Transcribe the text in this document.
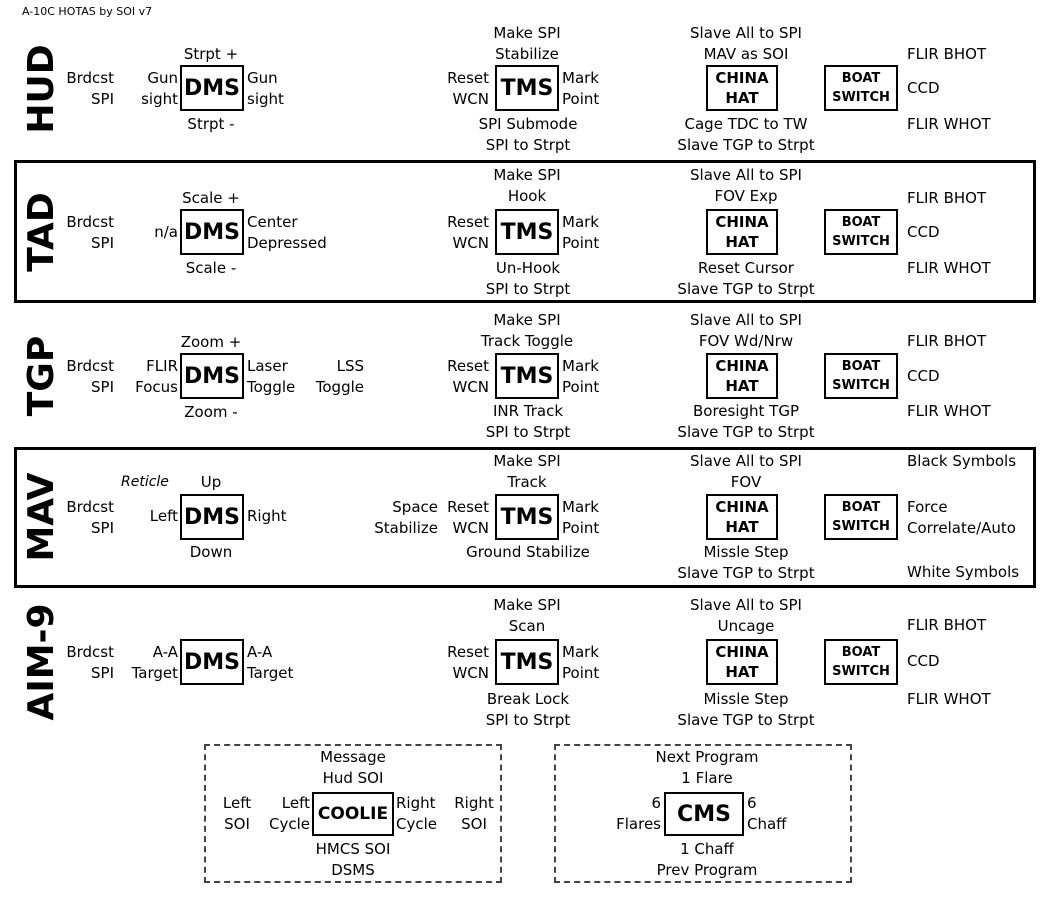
A-10C HOTAS by SOI v7
HUD Brdcst
SPI
Strpt +
Gun
sight DMS Gun
sight
Strpt -
Make SPI
Stabilize
Reset
WCN TMS Mark
Point
SPI Submode
SPI to Strpt
Slave All to SPI
MAV as SOI
CHINA
HAT
Cage TDC to TW
Slave TGP to Strpt
BOAT
SWITCH
FLIR BHOT
CCD
FLIR WHOT
TAD Brdcst
SPI
Scale +
n/a DMS Center
Depressed
Scale -
Make SPI
Hook
Reset
WCN TMS Mark
Point
Un-Hook
SPI to Strpt
Slave All to SPI
FOV Exp
CHINA
HAT
Reset Cursor
Slave TGP to Strpt
BOAT
SWITCH
FLIR BHOT
CCD
FLIR WHOT
TGP Brdcst
SPI
Zoom +
FLIR
Focus DMS Laser
Toggle
LSS
Toggle
Zoom -
Make SPI
Track Toggle
Reset
WCN TMS Mark
Point
INR Track
SPI to Strpt
Slave All to SPI
FOV Wd/Nrw
CHINA
HAT
Boresight TGP
Slave TGP to Strpt
BOAT
SWITCH
FLIR BHOT
CCD
FLIR WHOT
MAV Brdcst
SPI
Reticle Up
Left DMS Right
Down
Make SPI
Track
Space
Stabilize
Reset
WCN TMS Mark
Point
Ground Stabilize
Slave All to SPI
FOV
CHINA
HAT
Missle Step
Slave TGP to Strpt
BOAT
SWITCH
Black Symbols
Force
Correlate/Auto
White Symbols
AIM-9 Brdcst
SPI
A-A
Target DMS A-A
Target
Make SPI
Scan
Reset
WCN TMS Mark
Point
Break Lock
SPI to Strpt
Slave All to SPI
Uncage
CHINA
HAT
Missle Step
Slave TGP to Strpt
BOAT
SWITCH
FLIR BHOT
CCD
FLIR WHOT
Message
Hud SOI
Left
SOI
Left
Cycle COOLIE
Right
Cycle
Right
SOI
HMCS SOI
DSMS
Next Program
1 Flare
6
Flares CMS	6
Chaff
1 Chaff
Prev Program
